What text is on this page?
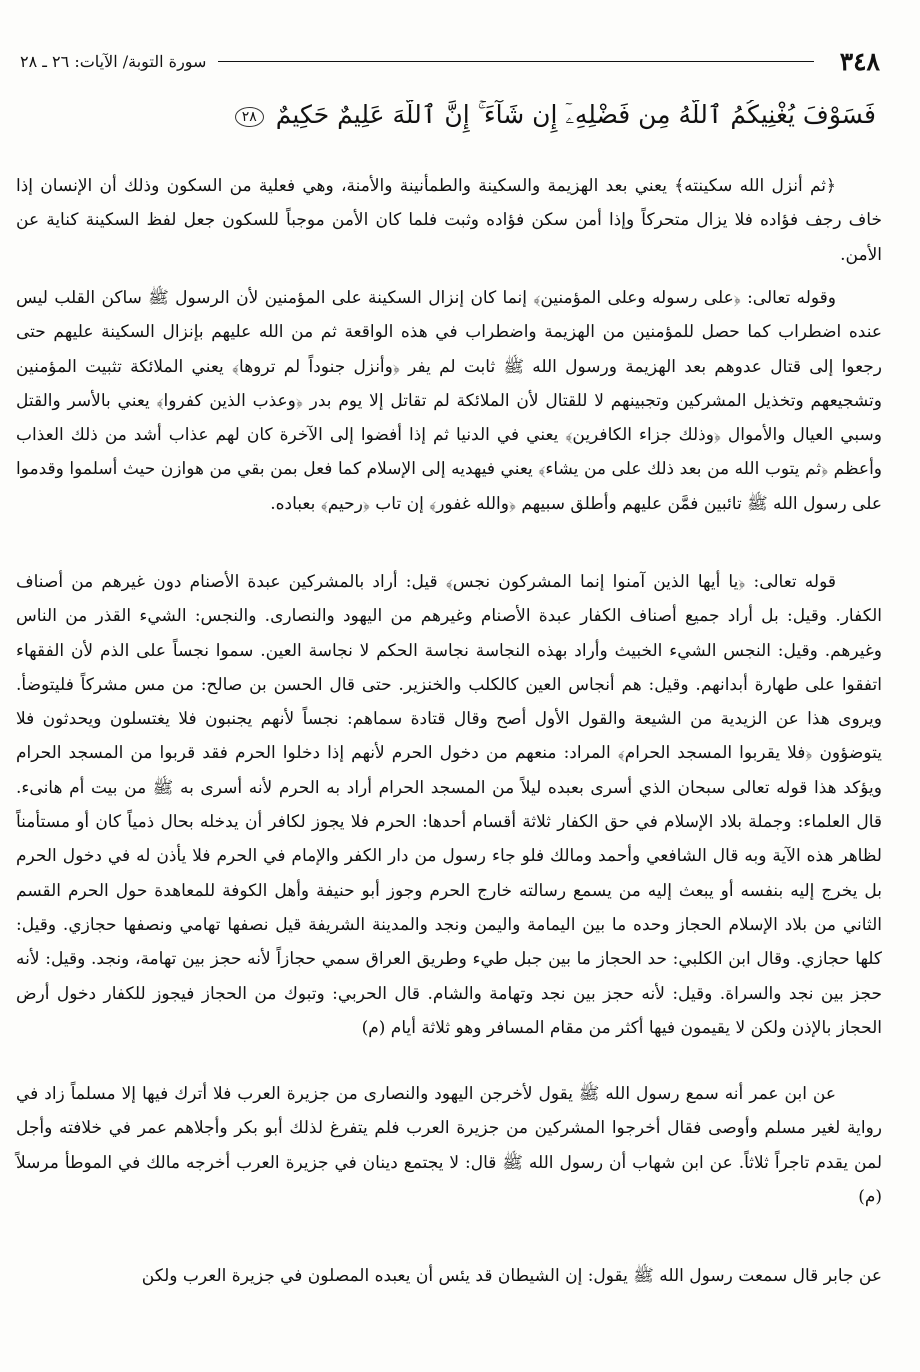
٣٤٨
سورة التوبة/ الآيات: ٢٦ ـ ٢٨
فَسَوْفَ يُغْنِيكُمُ ٱللَّهُ مِن فَضْلِهِۦٓ إِن شَآءَ ۚ إِنَّ ٱللَّهَ عَلِيمٌ حَكِيمٌ ٢٨

﴿ثم أنزل الله سكينته﴾ يعني بعد الهزيمة والسكينة والطمأنينة والأمنة، وهي فعلية من السكون وذلك أن الإنسان إذا خاف رجف فؤاده فلا يزال متحركاً وإذا أمن سكن فؤاده وثبت فلما كان الأمن موجباً للسكون جعل لفظ السكينة كناية عن الأمن.

وقوله تعالى: ﴿على رسوله وعلى المؤمنين﴾ إنما كان إنزال السكينة على المؤمنين لأن الرسول ﷺ ساكن القلب ليس عنده اضطراب كما حصل للمؤمنين من الهزيمة واضطراب في هذه الواقعة ثم من الله عليهم بإنزال السكينة عليهم حتى رجعوا إلى قتال عدوهم بعد الهزيمة ورسول الله ﷺ ثابت لم يفر ﴿وأنزل جنوداً لم تروها﴾ يعني الملائكة تثبيت المؤمنين وتشجيعهم وتخذيل المشركين وتجبينهم لا للقتال لأن الملائكة لم تقاتل إلا يوم بدر ﴿وعذب الذين كفروا﴾ يعني بالأسر والقتل وسبي العيال والأموال ﴿وذلك جزاء الكافرين﴾ يعني في الدنيا ثم إذا أفضوا إلى الآخرة كان لهم عذاب أشد من ذلك العذاب وأعظم ﴿ثم يتوب الله من بعد ذلك على من يشاء﴾ يعني فيهديه إلى الإسلام كما فعل بمن بقي من هوازن حيث أسلموا وقدموا على رسول الله ﷺ تائبين فمَّن عليهم وأطلق سبيهم ﴿والله غفور﴾ إن تاب ﴿رحيم﴾ بعباده.

قوله تعالى: ﴿يا أيها الذين آمنوا إنما المشركون نجس﴾ قيل: أراد بالمشركين عبدة الأصنام دون غيرهم من أصناف الكفار. وقيل: بل أراد جميع أصناف الكفار عبدة الأصنام وغيرهم من اليهود والنصارى. والنجس: الشيء القذر من الناس وغيرهم. وقيل: النجس الشيء الخبيث وأراد بهذه النجاسة نجاسة الحكم لا نجاسة العين. سموا نجساً على الذم لأن الفقهاء اتفقوا على طهارة أبدانهم. وقيل: هم أنجاس العين كالكلب والخنزير. حتى قال الحسن بن صالح: من مس مشركاً فليتوضأ. ويروى هذا عن الزيدية من الشيعة والقول الأول أصح وقال قتادة سماهم: نجساً لأنهم يجنبون فلا يغتسلون ويحدثون فلا يتوضؤون ﴿فلا يقربوا المسجد الحرام﴾ المراد: منعهم من دخول الحرم لأنهم إذا دخلوا الحرم فقد قربوا من المسجد الحرام ويؤكد هذا قوله تعالى سبحان الذي أسرى بعبده ليلاً من المسجد الحرام أراد به الحرم لأنه أسرى به ﷺ من بيت أم هانىء. قال العلماء: وجملة بلاد الإسلام في حق الكفار ثلاثة أقسام أحدها: الحرم فلا يجوز لكافر أن يدخله بحال ذمياً كان أو مستأمناً لظاهر هذه الآية وبه قال الشافعي وأحمد ومالك فلو جاء رسول من دار الكفر والإمام في الحرم فلا يأذن له في دخول الحرم بل يخرج إليه بنفسه أو يبعث إليه من يسمع رسالته خارج الحرم وجوز أبو حنيفة وأهل الكوفة للمعاهدة حول الحرم القسم الثاني من بلاد الإسلام الحجاز وحده ما بين اليمامة واليمن ونجد والمدينة الشريفة قيل نصفها تهامي ونصفها حجازي. وقيل: كلها حجازي. وقال ابن الكلبي: حد الحجاز ما بين جبل طيء وطريق العراق سمي حجازاً لأنه حجز بين تهامة، ونجد. وقيل: لأنه حجز بين نجد والسراة. وقيل: لأنه حجز بين نجد وتهامة والشام. قال الحربي: وتبوك من الحجاز فيجوز للكفار دخول أرض الحجاز بالإذن ولكن لا يقيمون فيها أكثر من مقام المسافر وهو ثلاثة أيام (م)

عن ابن عمر أنه سمع رسول الله ﷺ يقول لأخرجن اليهود والنصارى من جزيرة العرب فلا أترك فيها إلا مسلماً زاد في رواية لغير مسلم وأوصى فقال أخرجوا المشركين من جزيرة العرب فلم يتفرغ لذلك أبو بكر وأجلاهم عمر في خلافته وأجل لمن يقدم تاجراً ثلاثاً. عن ابن شهاب أن رسول الله ﷺ قال: لا يجتمع دينان في جزيرة العرب أخرجه مالك في الموطأ مرسلاً (م)

عن جابر قال سمعت رسول الله ﷺ يقول: إن الشيطان قد يئس أن يعبده المصلون في جزيرة العرب ولكن
